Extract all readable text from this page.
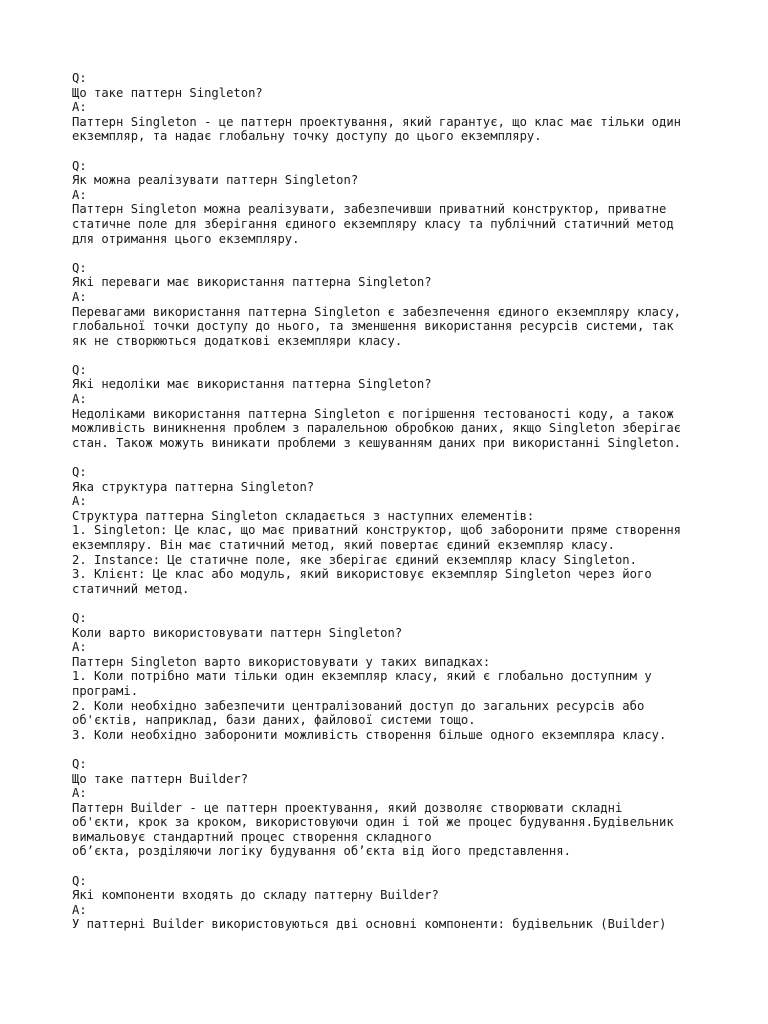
Q:
Що таке паттерн Singleton?
A:
Паттерн Singleton - це паттерн проектування, який гарантує, що клас має тільки один
екземпляр, та надає глобальну точку доступу до цього екземпляру.
Q:
Як можна реалізувати паттерн Singleton?
A:
Паттерн Singleton можна реалізувати, забезпечивши приватний конструктор, приватне
статичне поле для зберігання єдиного екземпляру класу та публічний статичний метод
для отримання цього екземпляру.
Q:
Які переваги має використання паттерна Singleton?
A:
Перевагами використання паттерна Singleton є забезпечення єдиного екземпляру класу,
глобальної точки доступу до нього, та зменшення використання ресурсів системи, так
як не створюються додаткові екземпляри класу.
Q:
Які недоліки має використання паттерна Singleton?
A:
Недоліками використання паттерна Singleton є погіршення тестованості коду, а також
можливість виникнення проблем з паралельною обробкою даних, якщо Singleton зберігає
стан. Також можуть виникати проблеми з кешуванням даних при використанні Singleton.
Q:
Яка структура паттерна Singleton?
A:
Структура паттерна Singleton складається з наступних елементів:
1. Singleton: Це клас, що має приватний конструктор, щоб заборонити пряме створення
екземпляру. Він має статичний метод, який повертає єдиний екземпляр класу.
2. Instance: Це статичне поле, яке зберігає єдиний екземпляр класу Singleton.
3. Клієнт: Це клас або модуль, який використовує екземпляр Singleton через його
статичний метод.
Q:
Коли варто використовувати паттерн Singleton?
A:
Паттерн Singleton варто використовувати у таких випадках:
1. Коли потрібно мати тільки один екземпляр класу, який є глобально доступним у
програмі.
2. Коли необхідно забезпечити централізований доступ до загальних ресурсів або
об'єктів, наприклад, бази даних, файлової системи тощо.
3. Коли необхідно заборонити можливість створення більше одного екземпляра класу.
Q:
Що таке паттерн Builder?
A:
Паттерн Builder - це паттерн проектування, який дозволяє створювати складні
об'єкти, крок за кроком, використовуючи один і той же процес будування.Будівельник
вимальовує стандартний процес створення складного
об’єкта, розділяючи логіку будування об’єкта від його представлення.
Q:
Які компоненти входять до складу паттерну Builder?
A:
У паттерні Builder використовуються дві основні компоненти: будівельник (Builder)
